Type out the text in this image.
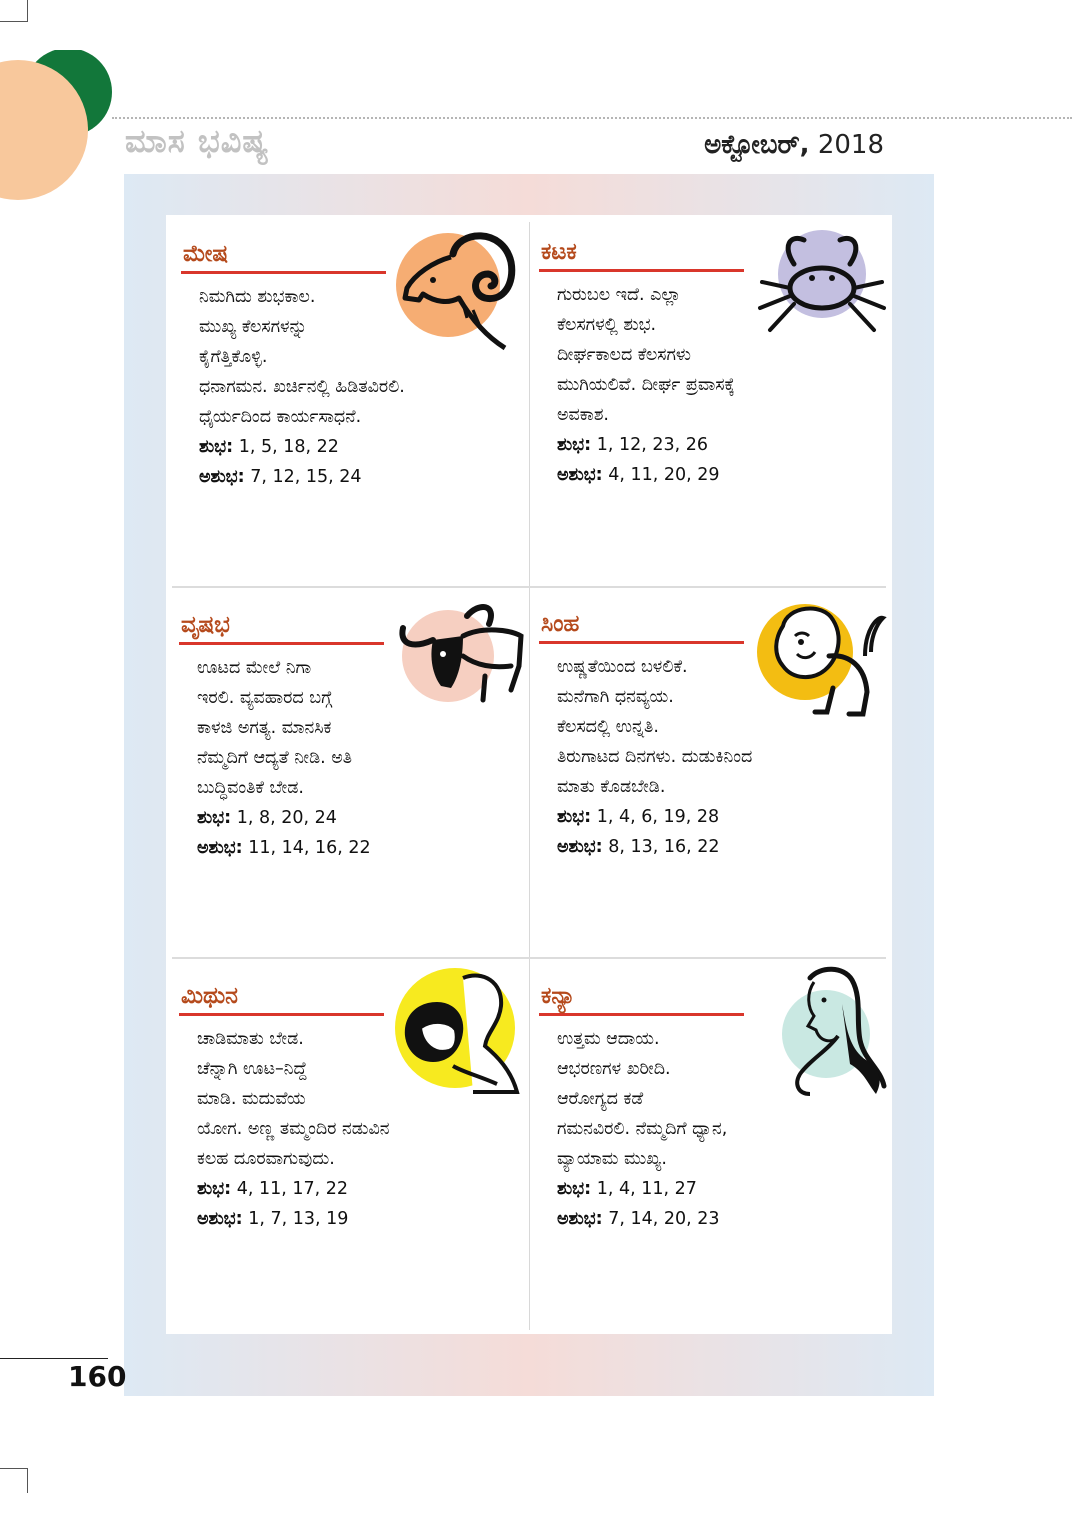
ಮಾಸ ಭವಿಷ್ಯ	ಅಕ್ಟೋಬರ್, 2018
ಮೇಷ
ನಿಮಗಿದು ಶುಭಕಾಲ.
ಮುಖ್ಯ ಕೆಲಸಗಳನ್ನು
ಕೈಗೆತ್ತಿಕೊಳ್ಳಿ.
ಧನಾಗಮನ. ಖರ್ಚಿನಲ್ಲಿ ಹಿಡಿತವಿರಲಿ.
ಧೈರ್ಯದಿಂದ ಕಾರ್ಯಸಾಧನೆ.
ಶುಭ: 1, 5, 18, 22
ಅಶುಭ: 7, 12, 15, 24
ಕಟಕ
ಗುರುಬಲ ಇದೆ. ಎಲ್ಲಾ
ಕೆಲಸಗಳಲ್ಲಿ ಶುಭ.
ದೀರ್ಘಕಾಲದ ಕೆಲಸಗಳು
ಮುಗಿಯಲಿವೆ. ದೀರ್ಘ ಪ್ರವಾಸಕ್ಕೆ
ಅವಕಾಶ.
ಶುಭ: 1, 12, 23, 26
ಅಶುಭ: 4, 11, 20, 29
ವೃಷಭ
ಊಟದ ಮೇಲೆ ನಿಗಾ
ಇರಲಿ. ವ್ಯವಹಾರದ ಬಗ್ಗೆ
ಕಾಳಜಿ ಅಗತ್ಯ. ಮಾನಸಿಕ
ನೆಮ್ಮದಿಗೆ ಆದ್ಯತೆ ನೀಡಿ. ಅತಿ
ಬುದ್ಧಿವಂತಿಕೆ ಬೇಡ.
ಶುಭ: 1, 8, 20, 24
ಅಶುಭ: 11, 14, 16, 22
ಸಿಂಹ
ಉಷ್ಣತೆಯಿಂದ ಬಳಲಿಕೆ.
ಮನೆಗಾಗಿ ಧನವ್ಯಯ.
ಕೆಲಸದಲ್ಲಿ ಉನ್ನತಿ.
ತಿರುಗಾಟದ ದಿನಗಳು. ದುಡುಕಿನಿಂದ
ಮಾತು ಕೊಡಬೇಡಿ.
ಶುಭ: 1, 4, 6, 19, 28
ಅಶುಭ: 8, 13, 16, 22
ಮಿಥುನ
ಚಾಡಿಮಾತು ಬೇಡ.
ಚೆನ್ನಾಗಿ ಊಟ–ನಿದ್ದೆ
ಮಾಡಿ. ಮದುವೆಯ
ಯೋಗ. ಅಣ್ಣ ತಮ್ಮಂದಿರ ನಡುವಿನ
ಕಲಹ ದೂರವಾಗುವುದು.
ಶುಭ: 4, 11, 17, 22
ಅಶುಭ: 1, 7, 13, 19
ಕನ್ಯಾ
ಉತ್ತಮ ಆದಾಯ.
ಆಭರಣಗಳ ಖರೀದಿ.
ಆರೋಗ್ಯದ ಕಡೆ
ಗಮನವಿರಲಿ. ನೆಮ್ಮದಿಗೆ ಧ್ಯಾನ,
ವ್ಯಾಯಾಮ ಮುಖ್ಯ.
ಶುಭ: 1, 4, 11, 27
ಅಶುಭ: 7, 14, 20, 23
160
